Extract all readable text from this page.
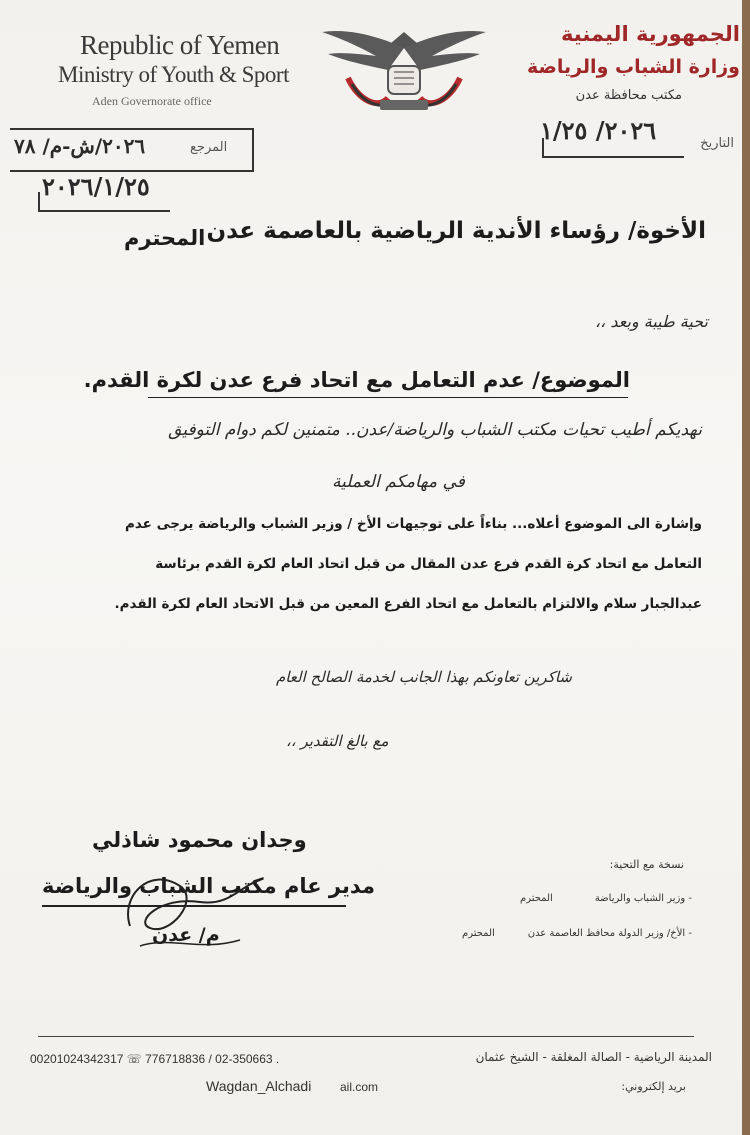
Republic of Yemen
Ministry of Youth & Sport
Aden Governorate office
الجمهورية اليمنية
وزارة الشباب والرياضة
مكتب محافظة عدن
٢٠٢٦/ش-م/ ٧٨	المرجع
٢٠٢٦/١/٢٥
التاريخ
٢٠٢٦/ ١/٢٥
الأخوة/ رؤساء الأندية الرياضية بالعاصمة عدن
المحترم
تحية طيبة وبعد ،،
الموضوع/ عدم التعامل مع اتحاد فرع عدن لكرة القدم.
نهديكم أطيب تحيات مكتب الشباب والرياضة/عدن.. متمنين لكم دوام التوفيق
في مهامكم العملية
وإشارة الى الموضوع أعلاه... بناءاً على توجيهات الأخ / وزير الشباب والرياضة يرجى عدم
التعامل مع اتحاد كرة القدم فرع عدن المقال من قبل اتحاد العام لكرة القدم برئاسة
عبدالجبار سلام والالتزام بالتعامل مع اتحاد الفرع المعين من قبل الاتحاد العام لكرة القدم.
شاكرين تعاونكم بهذا الجانب لخدمة الصالح العام
مع بالغ التقدير ،،
وجدان محمود شاذلي
مدير عام مكتب الشباب والرياضة
م/ عدن
نسخة مع التحية:
- وزير الشباب والرياضة
المحترم
- الأخ/ وزير الدولة محافظ العاصمة عدن
المحترم
00201024342317 ☏ 776718836 / 02-350663 .
Wagdan_Alchadi ail.com
المدينة الرياضية - الصالة المغلقة - الشيخ عثمان
بريد إلكتروني:
